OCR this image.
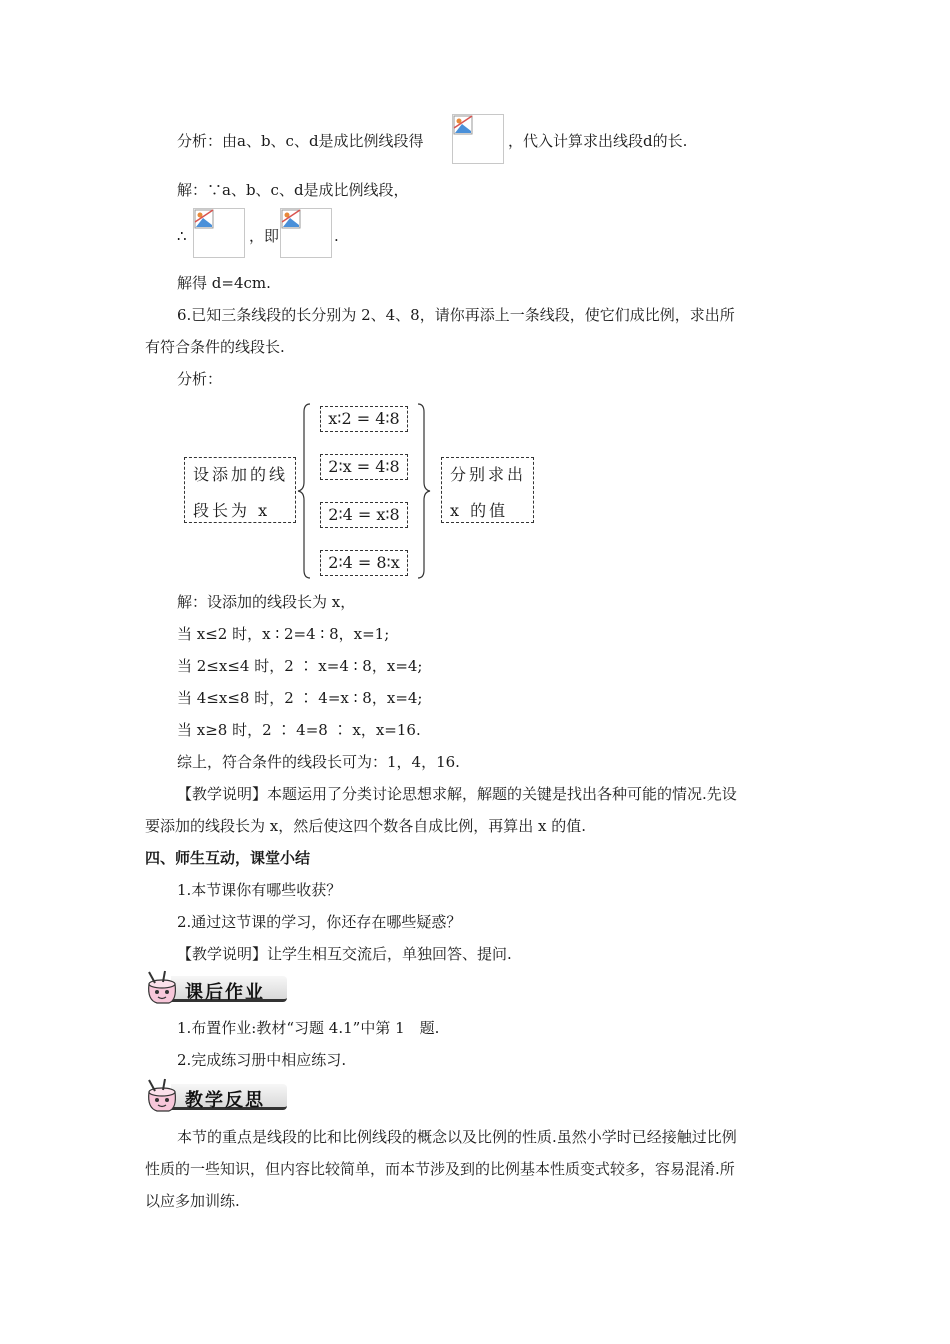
分析：由a、b、c、d是成比例线段得	，代入计算求出线段d的长.
解：∵a、b、c、d是成比例线段，
∴	，即	.
解得 d=4cm.
6.已知三条线段的长分别为 2、4、8，请你再添上一条线段，使它们成比例，求出所
有符合条件的线段长.
分析：
设添加的线
段长为 x
x∶2 = 4∶8
2∶x = 4∶8
2∶4 = x∶8
2∶4 = 8∶x
分别求出
x 的值
解：设添加的线段长为 x，
当 x≤2 时，x ∶ 2=4 ∶ 8，x=1;
当 2≤x≤4 时，2 ∶ x=4 ∶ 8，x=4;
当 4≤x≤8 时，2 ∶ 4=x ∶ 8，x=4;
当 x≥8 时，2 ∶ 4=8 ∶ x，x=16.
综上，符合条件的线段长可为：1，4，16.
【教学说明】本题运用了分类讨论思想求解，解题的关键是找出各种可能的情况.先设
要添加的线段长为 x，然后使这四个数各自成比例，再算出 x 的值.
四、师生互动，课堂小结
1.本节课你有哪些收获？
2.通过这节课的学习，你还存在哪些疑惑？
【教学说明】让学生相互交流后，单独回答、提问.
课后作业
1.布置作业:教材“习题 4.1”中第 1　题.
2.完成练习册中相应练习.
教学反思
本节的重点是线段的比和比例线段的概念以及比例的性质.虽然小学时已经接触过比例
性质的一些知识，但内容比较简单，而本节涉及到的比例基本性质变式较多，容易混淆.所
以应多加训练.
